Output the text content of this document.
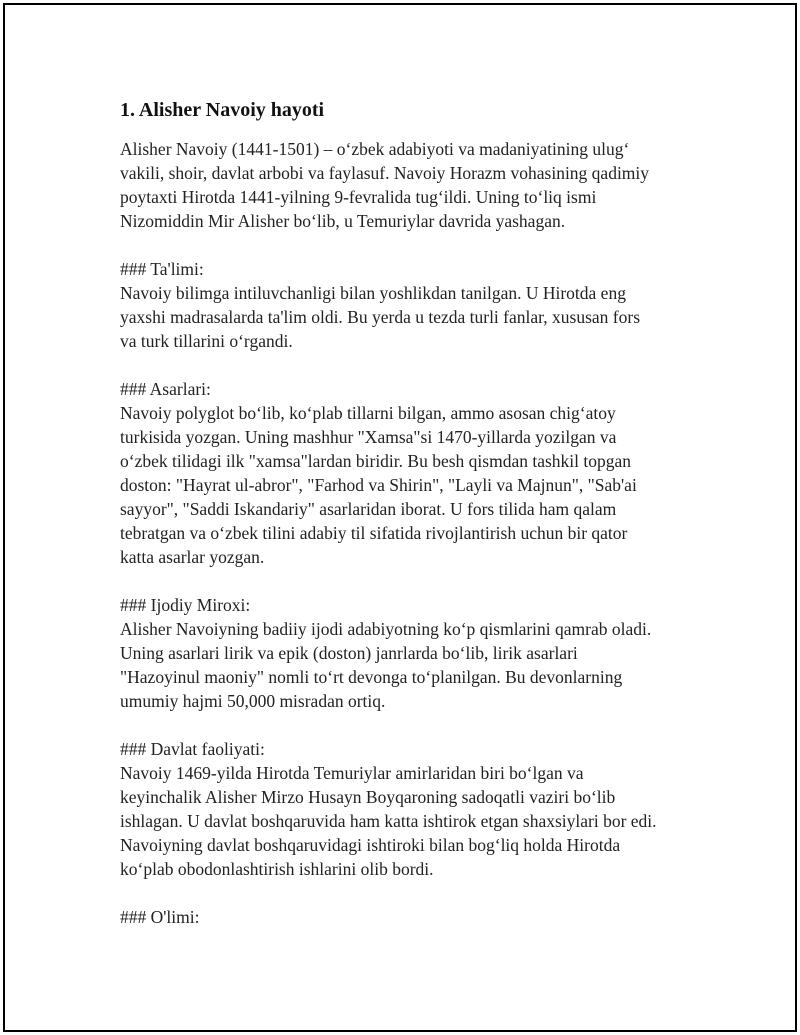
1. Alisher Navoiy hayoti
Alisher Navoiy (1441-1501) – o‘zbek adabiyoti va madaniyatining ulug‘
vakili, shoir, davlat arbobi va faylasuf. Navoiy Horazm vohasining qadimiy
poytaxti Hirotda 1441-yilning 9-fevralida tug‘ildi. Uning to‘liq ismi
Nizomiddin Mir Alisher bo‘lib, u Temuriylar davrida yashagan.
### Ta'limi:
Navoiy bilimga intiluvchanligi bilan yoshlikdan tanilgan. U Hirotda eng
yaxshi madrasalarda ta'lim oldi. Bu yerda u tezda turli fanlar, xususan fors
va turk tillarini o‘rgandi.
### Asarlari:
Navoiy polyglot bo‘lib, ko‘plab tillarni bilgan, ammo asosan chig‘atoy
turkisida yozgan. Uning mashhur "Xamsa"si 1470-yillarda yozilgan va
o‘zbek tilidagi ilk "xamsa"lardan biridir. Bu besh qismdan tashkil topgan
doston: "Hayrat ul-abror", "Farhod va Shirin", "Layli va Majnun", "Sab'ai
sayyor", "Saddi Iskandariy" asarlaridan iborat. U fors tilida ham qalam
tebratgan va o‘zbek tilini adabiy til sifatida rivojlantirish uchun bir qator
katta asarlar yozgan.
### Ijodiy Miroxi:
Alisher Navoiyning badiiy ijodi adabiyotning ko‘p qismlarini qamrab oladi.
Uning asarlari lirik va epik (doston) janrlarda bo‘lib, lirik asarlari
"Hazoyinul maoniy" nomli to‘rt devonga to‘planilgan. Bu devonlarning
umumiy hajmi 50,000 misradan ortiq.
### Davlat faoliyati:
Navoiy 1469-yilda Hirotda Temuriylar amirlaridan biri bo‘lgan va
keyinchalik Alisher Mirzo Husayn Boyqaroning sadoqatli vaziri bo‘lib
ishlagan. U davlat boshqaruvida ham katta ishtirok etgan shaxsiylari bor edi.
Navoiyning davlat boshqaruvidagi ishtiroki bilan bog‘liq holda Hirotda
ko‘plab obodonlashtirish ishlarini olib bordi.
### O'limi:
